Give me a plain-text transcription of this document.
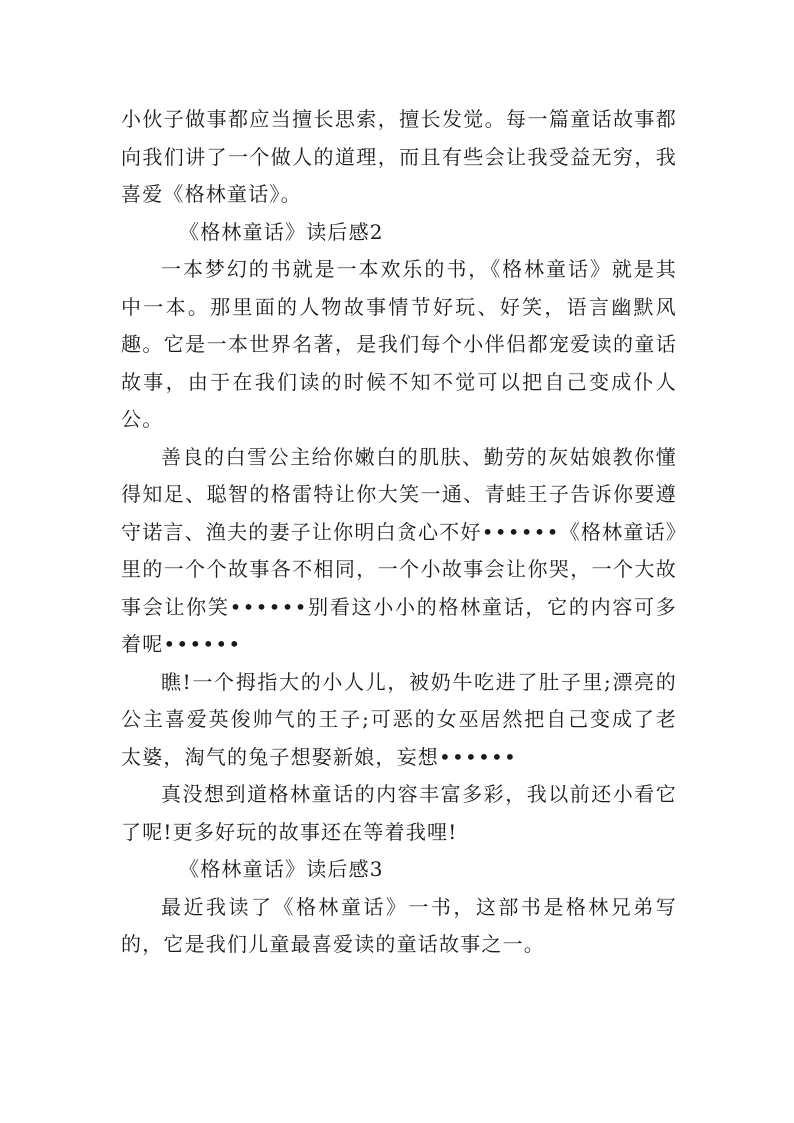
小伙子做事都应当擅长思索，擅长发觉。每一篇童话故事都向我们讲了一个做人的道理，而且有些会让我受益无穷，我喜爱《格林童话》。

《格林童话》读后感2

一本梦幻的书就是一本欢乐的书，《格林童话》就是其中一本。那里面的人物故事情节好玩、好笑，语言幽默风趣。它是一本世界名著，是我们每个小伴侣都宠爱读的童话故事，由于在我们读的时候不知不觉可以把自己变成仆人公。

善良的白雪公主给你嫩白的肌肤、勤劳的灰姑娘教你懂得知足、聪智的格雷特让你大笑一通、青蛙王子告诉你要遵守诺言、渔夫的妻子让你明白贪心不好••••••《格林童话》里的一个个故事各不相同，一个小故事会让你哭，一个大故事会让你笑••••••别看这小小的格林童话，它的内容可多着呢••••••

瞧!一个拇指大的小人儿，被奶牛吃进了肚子里;漂亮的公主喜爱英俊帅气的王子;可恶的女巫居然把自己变成了老太婆，淘气的兔子想娶新娘，妄想••••••

真没想到道格林童话的内容丰富多彩，我以前还小看它了呢!更多好玩的故事还在等着我哩!

《格林童话》读后感3

最近我读了《格林童话》一书，这部书是格林兄弟写的，它是我们儿童最喜爱读的童话故事之一。
